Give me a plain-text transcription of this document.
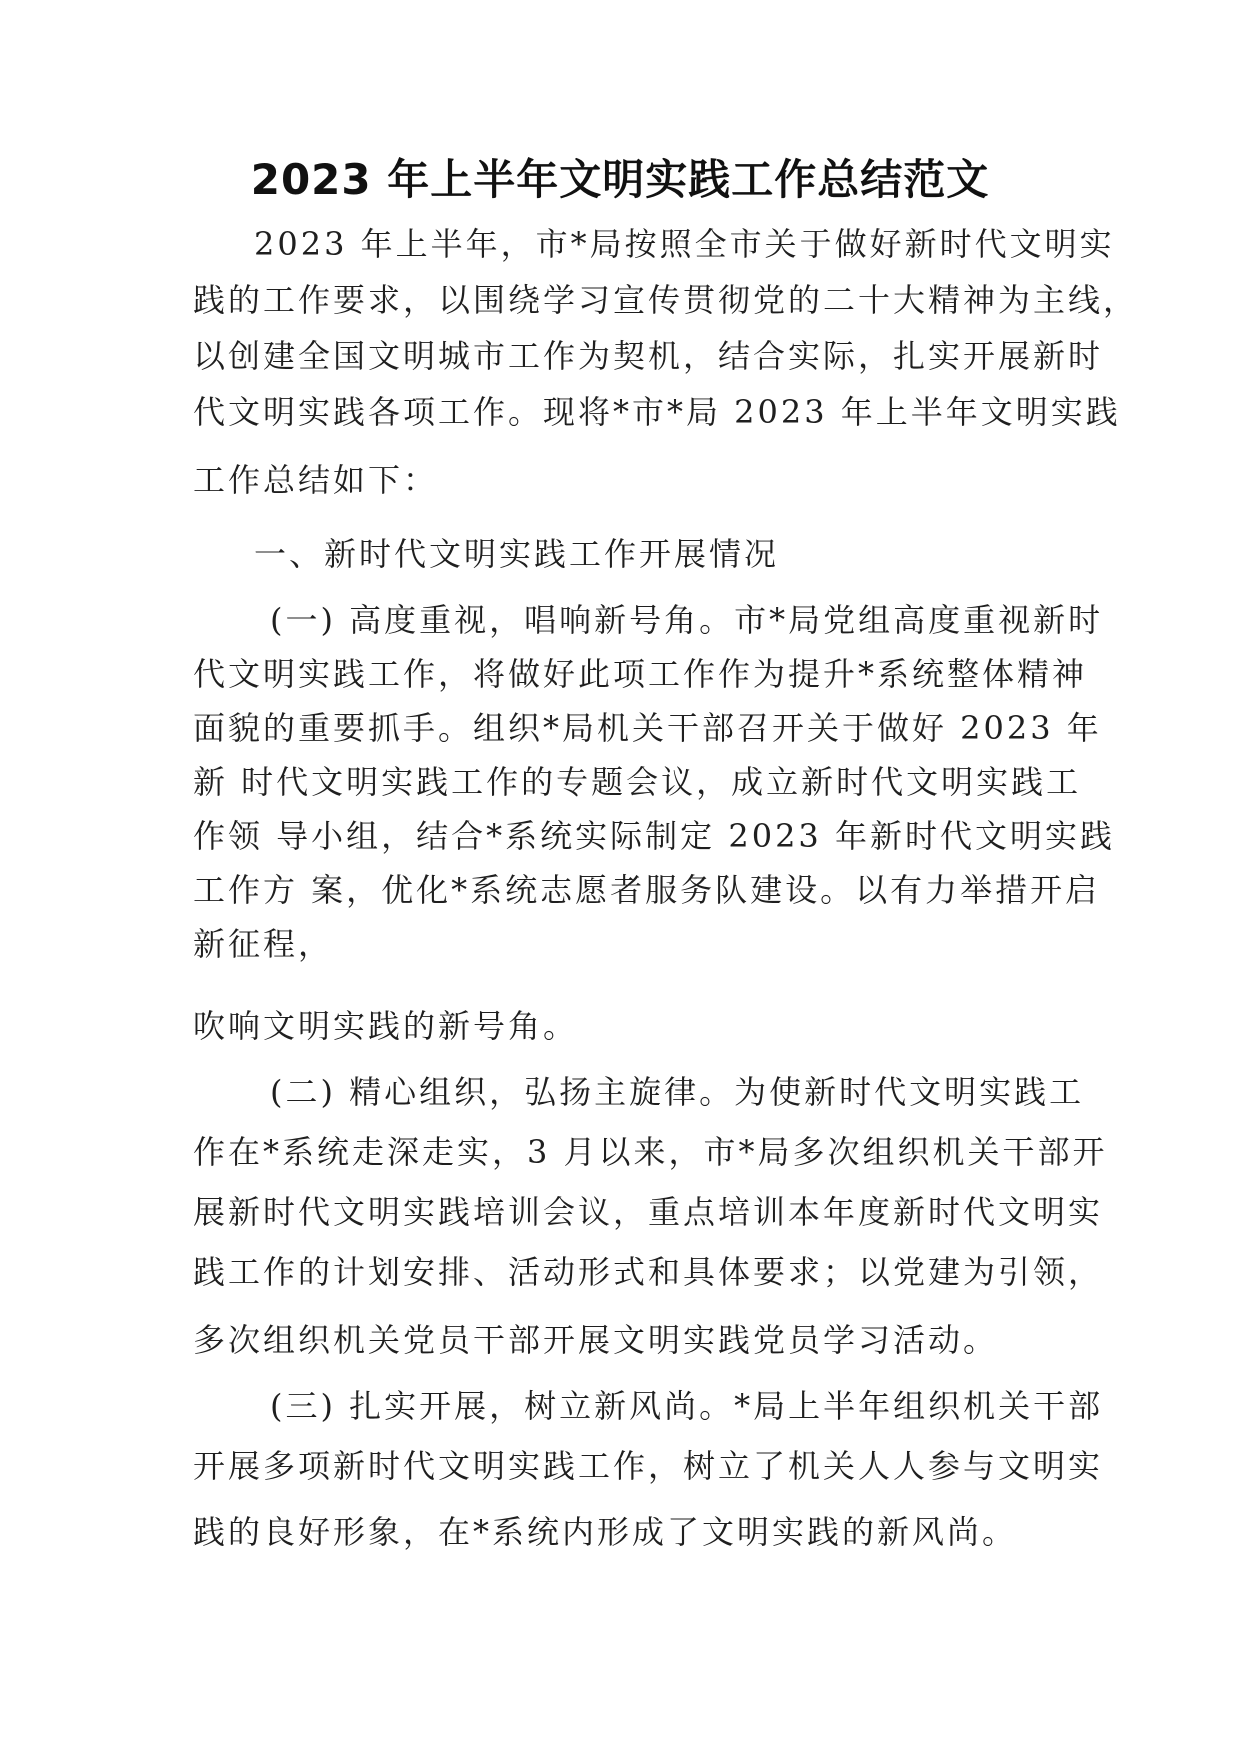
2023 年上半年文明实践工作总结范文
2023 年上半年，市*局按照全市关于做好新时代文明实
践的工作要求，以围绕学习宣传贯彻党的二十大精神为主线，
以创建全国文明城市工作为契机，结合实际，扎实开展新时
代文明实践各项工作。现将*市*局 2023 年上半年文明实践
工作总结如下：
一、新时代文明实践工作开展情况
(一) 高度重视，唱响新号角。市*局党组高度重视新时
代文明实践工作，将做好此项工作作为提升*系统整体精神
面貌的重要抓手。组织*局机关干部召开关于做好 2023 年
新 时代文明实践工作的专题会议，成立新时代文明实践工
作领 导小组，结合*系统实际制定 2023 年新时代文明实践
工作方 案，优化*系统志愿者服务队建设。以有力举措开启
新征程，
吹响文明实践的新号角。
(二) 精心组织，弘扬主旋律。为使新时代文明实践工
作在*系统走深走实，3 月以来，市*局多次组织机关干部开
展新时代文明实践培训会议，重点培训本年度新时代文明实
践工作的计划安排、活动形式和具体要求；以党建为引领，
多次组织机关党员干部开展文明实践党员学习活动。
(三) 扎实开展，树立新风尚。*局上半年组织机关干部
开展多项新时代文明实践工作，树立了机关人人参与文明实
践的良好形象，在*系统内形成了文明实践的新风尚。
